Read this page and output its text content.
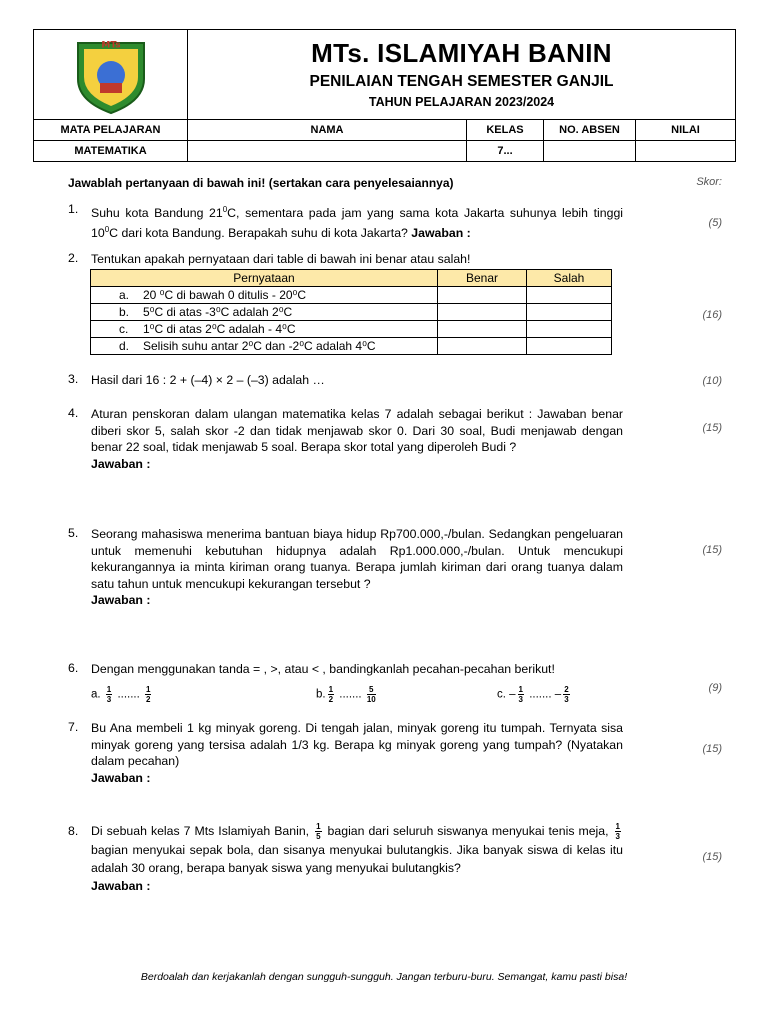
MTs	MTs. ISLAMIYAH BANIN
PENILAIAN TENGAH SEMESTER GANJIL
TAHUN PELAJARAN 2023/2024
MATA PELAJARAN	NAMA	KELAS	NO. ABSEN	NILAI
MATEMATIKA		7...		
Jawablah pertanyaan di bawah ini! (sertakan cara penyelesaiannya)	Skor:
1. Suhu kota Bandung $21^0C$, sementara pada jam yang sama kota Jakarta suhunya lebih tinggi $10^0C$ dari kota Bandung. Berapakah suhu di kota Jakarta? Jawaban :
(5)
2. Tentukan apakah pernyataan dari table di bawah ini benar atau salah!
Pernyataan	Benar	Salah
a. 20 ⁰C di bawah 0 ditulis - 20⁰C		
b. 5⁰C di atas -3⁰C adalah 2⁰C		
c. 1⁰C di atas 2⁰C adalah - 4⁰C		
d. Selisih suhu antar 2⁰C dan -2⁰C adalah 4⁰C		
(16)
3. Hasil dari 16 : 2 + (–4) × 2 – (–3) adalah …	(10)
4. Aturan penskoran dalam ulangan matematika kelas 7 adalah sebagai berikut : Jawaban benar diberi skor 5, salah skor -2 dan tidak menjawab skor 0. Dari 30 soal, Budi menjawab dengan benar 22 soal, tidak menjawab 5 soal. Berapa skor total yang diperoleh Budi ?
Jawaban :
(15)
5. Seorang mahasiswa menerima bantuan biaya hidup Rp700.000,-/bulan. Sedangkan pengeluaran untuk memenuhi kebutuhan hidupnya adalah Rp1.000.000,-/bulan. Untuk mencukupi kekurangannya ia minta kiriman orang tuanya. Berapa jumlah kiriman dari orang tuanya dalam satu tahun untuk mencukupi kekurangan tersebut ?
Jawaban :
(15)
6. Dengan menggunakan tanda = , >, atau < , bandingkanlah pecahan-pecahan berikut!
a. $\frac{1}{3}$ ....... $\frac{1}{2}$	b. $\frac{1}{2}$ ....... $\frac{5}{10}$	c. – $\frac{1}{3}$ ....... – $\frac{2}{3}$	(9)
7. Bu Ana membeli 1 kg minyak goreng. Di tengah jalan, minyak goreng itu tumpah. Ternyata sisa minyak goreng yang tersisa adalah 1/3 kg. Berapa kg minyak goreng yang tumpah? (Nyatakan dalam pecahan)
Jawaban :
(15)
8. Di sebuah kelas 7 Mts Islamiyah Banin, $\frac{1}{5}$ bagian dari seluruh siswanya menyukai tenis meja, $\frac{1}{3}$
bagian menyukai sepak bola, dan sisanya menyukai bulutangkis. Jika banyak siswa di kelas itu adalah 30 orang, berapa banyak siswa yang menyukai bulutangkis?
Jawaban :
(15)
Berdoalah dan kerjakanlah dengan sungguh-sungguh. Jangan terburu-buru. Semangat, kamu pasti bisa!
